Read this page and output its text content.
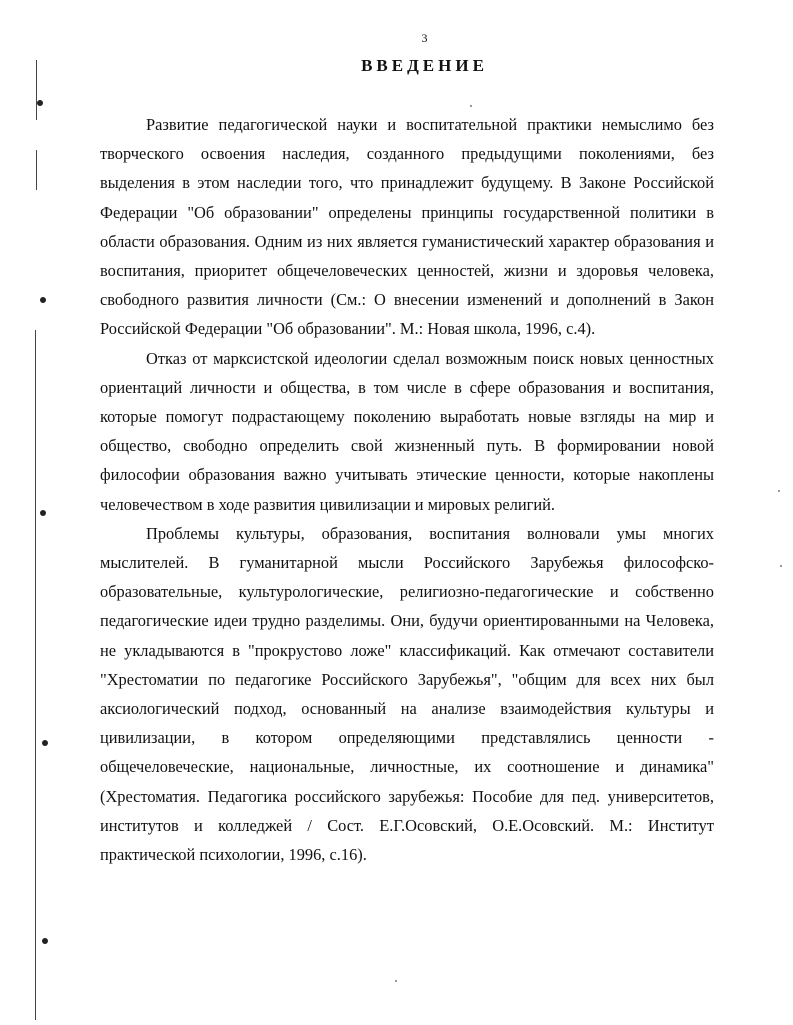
3
ВВЕДЕНИЕ

Развитие педагогической науки и воспитательной практики немыслимо без творческого освоения наследия, созданного предыдущими поколениями, без выделения в этом наследии того, что принадлежит будущему. В Законе Российской Федерации "Об образовании" определены принципы государственной политики в области образования. Одним из них является гуманистический характер образования и воспитания, приоритет общечеловеческих ценностей, жизни и здоровья человека, свободного развития личности (См.: О внесении изменений и дополнений в Закон Российской Федерации "Об образовании". М.: Новая школа, 1996, с.4).

Отказ от марксистской идеологии сделал возможным поиск новых ценностных ориентаций личности и общества, в том числе в сфере образования и воспитания, которые помогут подрастающему поколению выработать новые взгляды на мир и общество, свободно определить свой жизненный путь. В формировании новой философии образования важно учитывать этические ценности, которые накоплены человечеством в ходе развития цивилизации и мировых религий.

Проблемы культуры, образования, воспитания волновали умы многих мыслителей. В гуманитарной мысли Российского Зарубежья философско-образовательные, культурологические, религиозно-педагогические и собственно педагогические идеи трудно разделимы. Они, будучи ориентированными на Человека, не укладываются в "прокрустово ложе" классификаций. Как отмечают составители "Хрестоматии по педагогике Российского Зарубежья", "общим для всех них был аксиологический подход, основанный на анализе взаимодействия культуры и цивилизации, в котором определяющими представлялись ценности - общечеловеческие, национальные, личностные, их соотношение и динамика" (Хрестоматия. Педагогика российского зарубежья: Пособие для пед. университетов, институтов и колледжей / Сост. Е.Г.Осовский, О.Е.Осовский. М.: Институт практической психологии, 1996, с.16).
